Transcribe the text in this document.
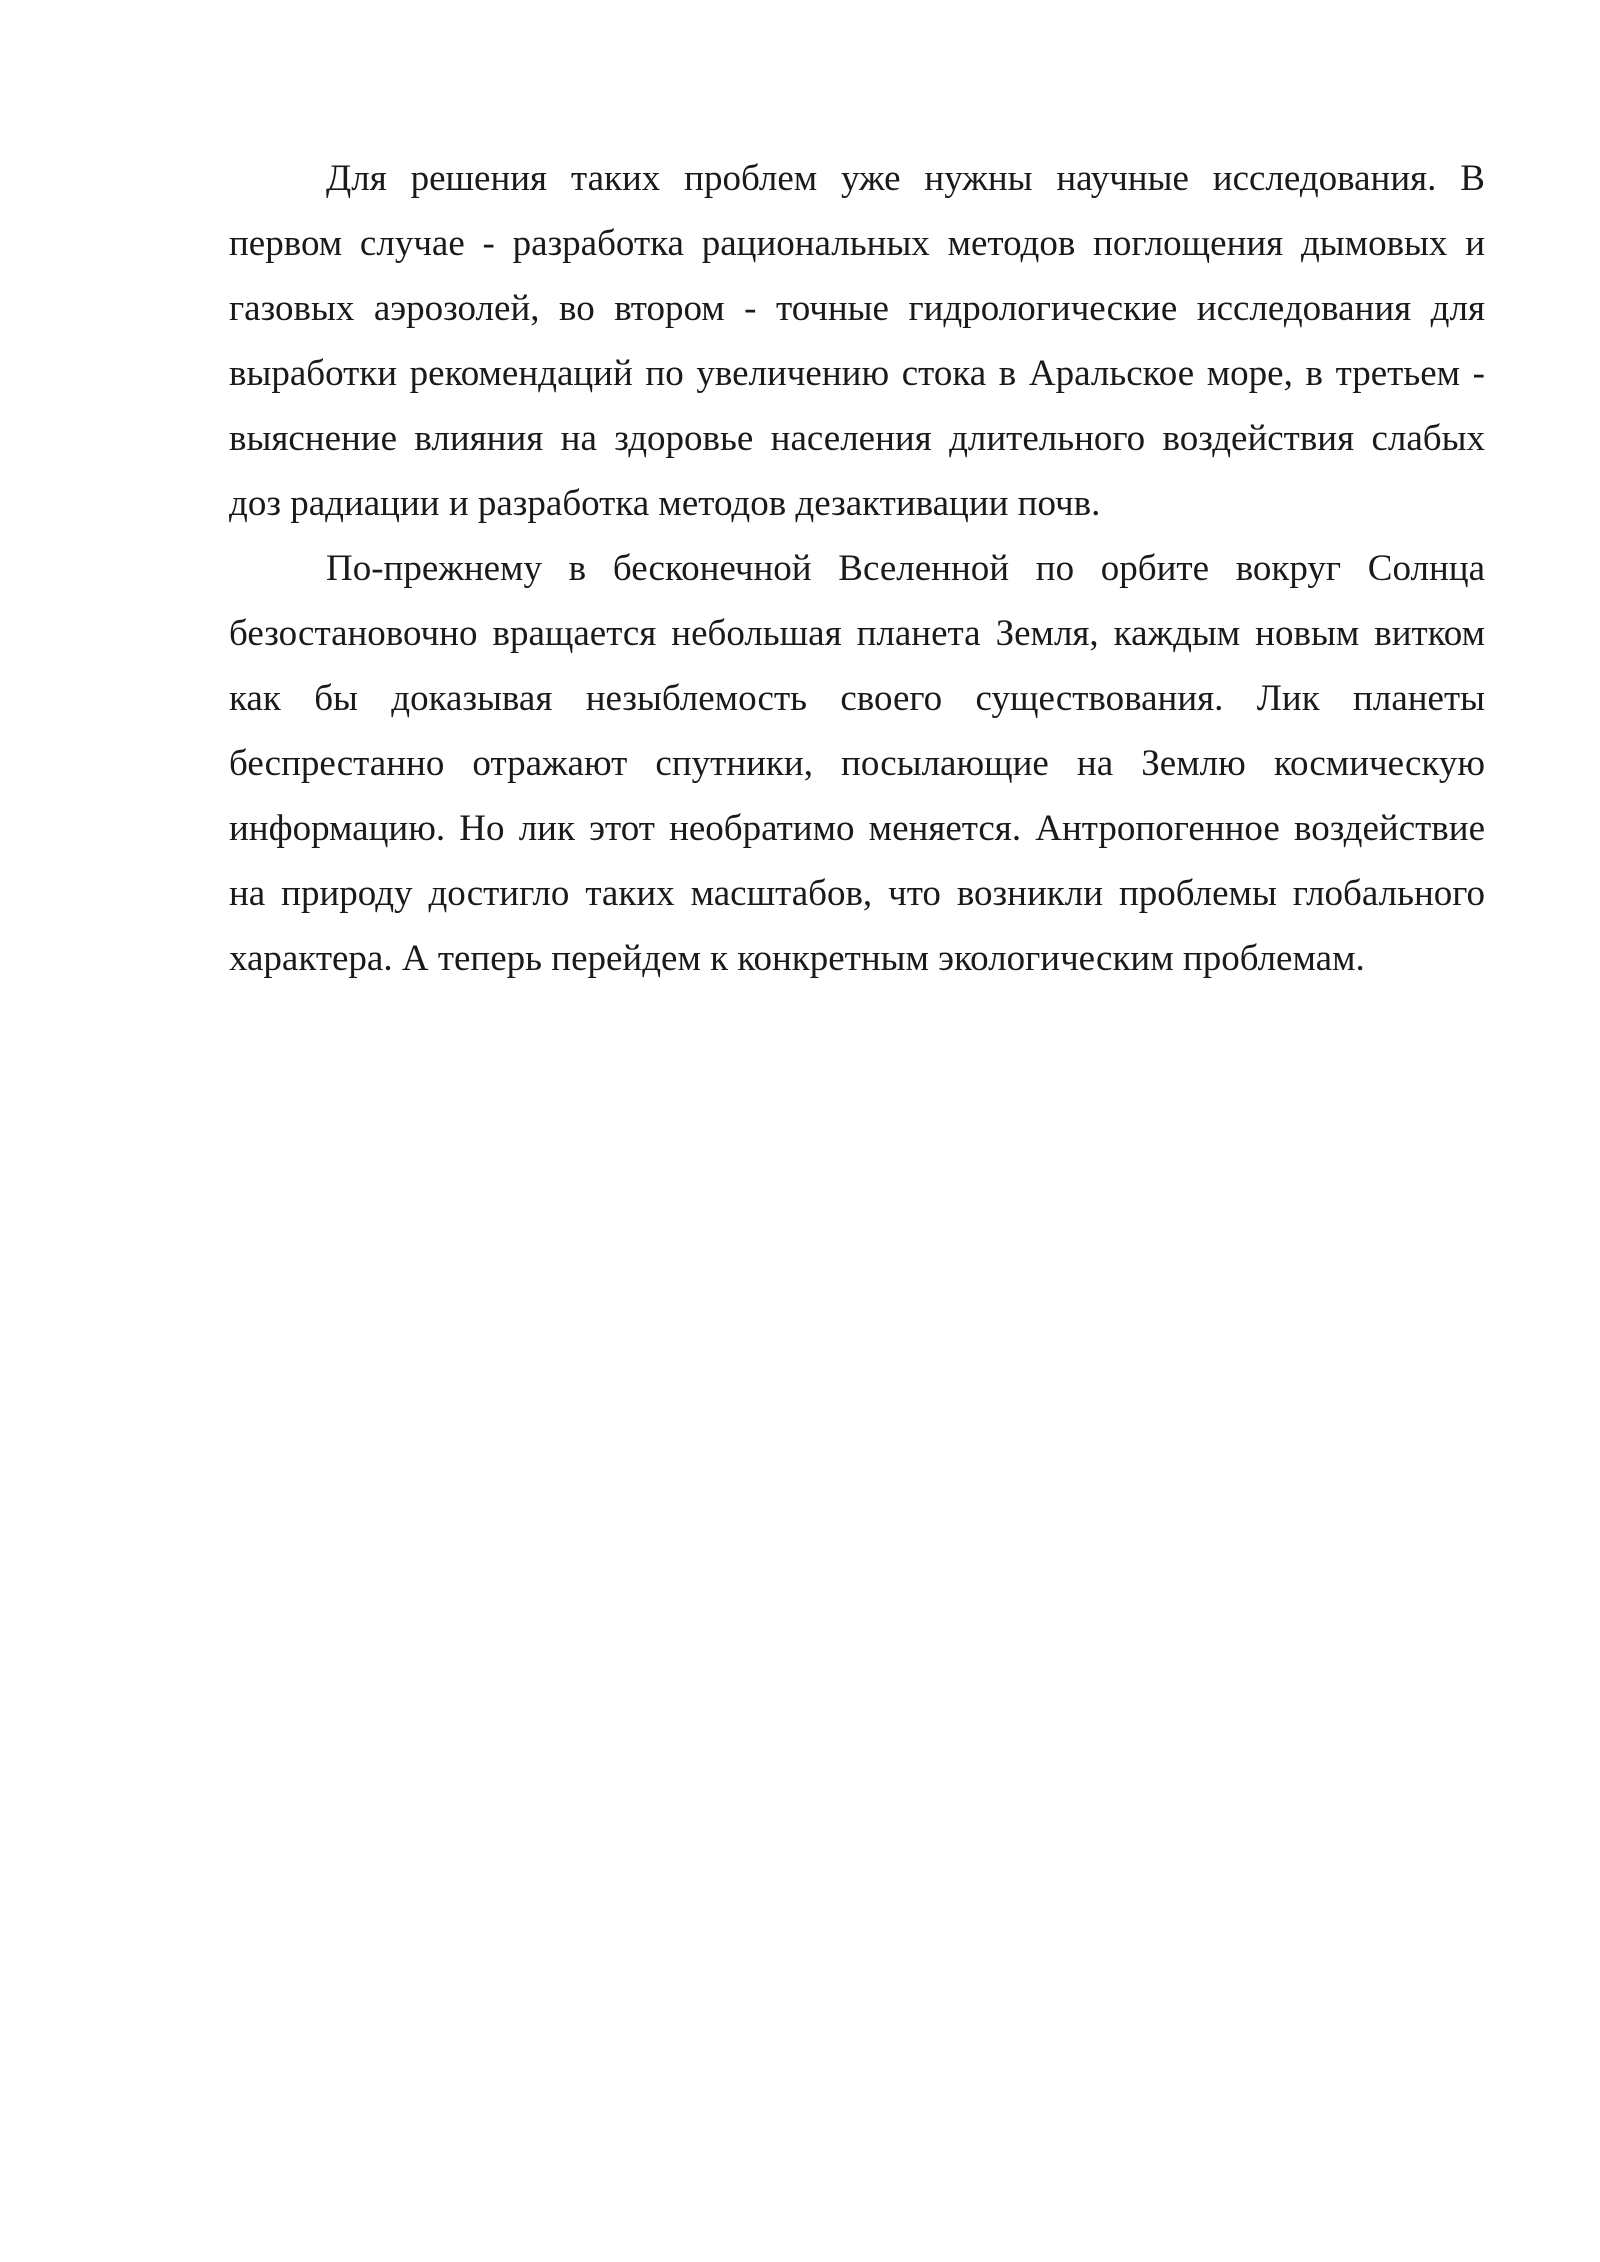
Для решения таких проблем уже нужны научные исследования. В первом случае - разработка рациональных методов поглощения дымовых и газовых аэрозолей, во втором - точные гидрологические исследования для выработки рекомендаций по увеличению стока в Аральское море, в третьем - выяснение влияния на здоровье населения длительного воздействия слабых доз радиации и разработка методов дезактивации почв.

По-прежнему в бесконечной Вселенной по орбите вокруг Солнца безостановочно вращается небольшая планета Земля, каждым новым витком как бы доказывая незыблемость своего существования. Лик планеты беспрестанно отражают спутники, посылающие на Землю космическую информацию. Но лик этот необратимо меняется. Антропогенное воздействие на природу достигло таких масштабов, что возникли проблемы глобального характера. А теперь перейдем к конкретным экологическим проблемам.
